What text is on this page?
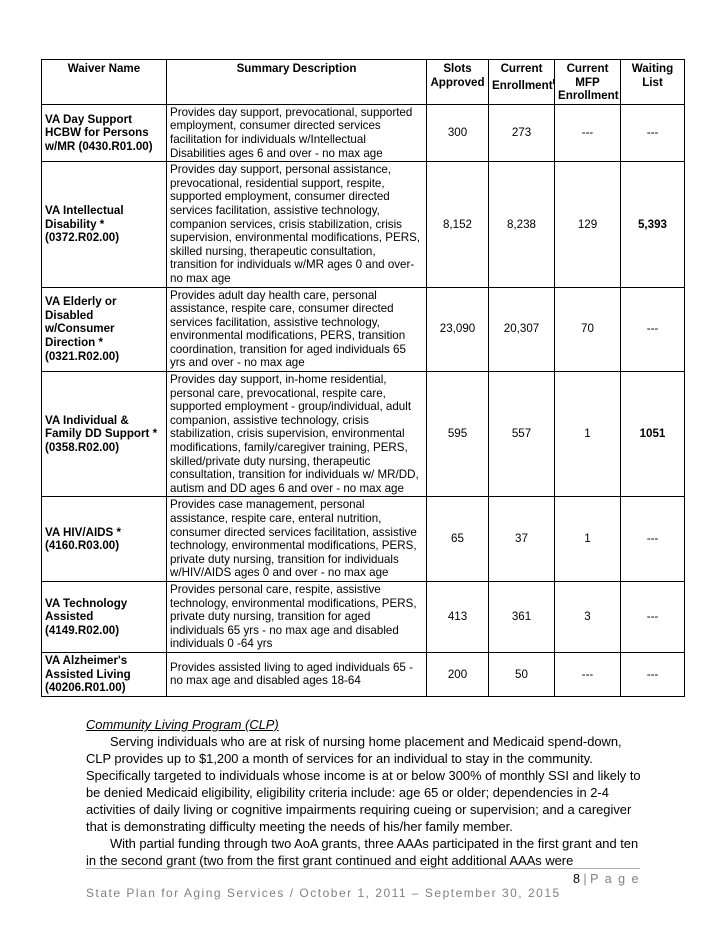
Waiver Name	Summary Description	Slots Approved	Current Enrollment$^I$	Current MFP Enrollment	Waiting List
VA Day Support HCBW for Persons w/MR (0430.R01.00)	Provides day support, prevocational, supported employment, consumer directed services facilitation for individuals w/Intellectual Disabilities ages 6 and over - no max age	300	273	---	---
VA Intellectual Disability * (0372.R02.00)	Provides day support, personal assistance, prevocational, residential support, respite, supported employment, consumer directed services facilitation, assistive technology, companion services, crisis stabilization, crisis supervision, environmental modifications, PERS, skilled nursing, therapeutic consultation, transition for individuals w/MR ages 0 and over- no max age	8,152	8,238	129	5,393
VA Elderly or Disabled w/Consumer Direction * (0321.R02.00)	Provides adult day health care, personal assistance, respite care, consumer directed services facilitation, assistive technology, environmental modifications, PERS, transition coordination, transition for aged individuals 65 yrs and over - no max age	23,090	20,307	70	---
VA Individual & Family DD Support * (0358.R02.00)	Provides day support, in-home residential, personal care, prevocational, respite care, supported employment - group/individual, adult companion, assistive technology, crisis stabilization, crisis supervision, environmental modifications, family/caregiver training, PERS, skilled/private duty nursing, therapeutic consultation, transition for individuals w/ MR/DD, autism and DD ages 6 and over - no max age	595	557	1	1051
VA HIV/AIDS * (4160.R03.00)	Provides case management, personal assistance, respite care, enteral nutrition, consumer directed services facilitation, assistive technology, environmental modifications, PERS, private duty nursing, transition for individuals w/HIV/AIDS ages 0 and over - no max age	65	37	1	---
VA Technology Assisted (4149.R02.00)	Provides personal care, respite, assistive technology, environmental modifications, PERS, private duty nursing, transition for aged individuals 65 yrs - no max age and disabled individuals 0 -64 yrs	413	361	3	---
VA Alzheimer's Assisted Living (40206.R01.00)	Provides assisted living to aged individuals 65 - no max age and disabled ages 18-64	200	50	---	---

Community Living Program (CLP)

Serving individuals who are at risk of nursing home placement and Medicaid spend-down, CLP provides up to $1,200 a month of services for an individual to stay in the community. Specifically targeted to individuals whose income is at or below 300% of monthly SSI and likely to be denied Medicaid eligibility, eligibility criteria include: age 65 or older; dependencies in 2-4 activities of daily living or cognitive impairments requiring cueing or supervision; and a caregiver that is demonstrating difficulty meeting the needs of his/her family member.

With partial funding through two AoA grants, three AAAs participated in the first grant and ten in the second grant (two from the first grant continued and eight additional AAAs were

8 | P a g e
State Plan for Aging Services / October 1, 2011 – September 30, 2015
